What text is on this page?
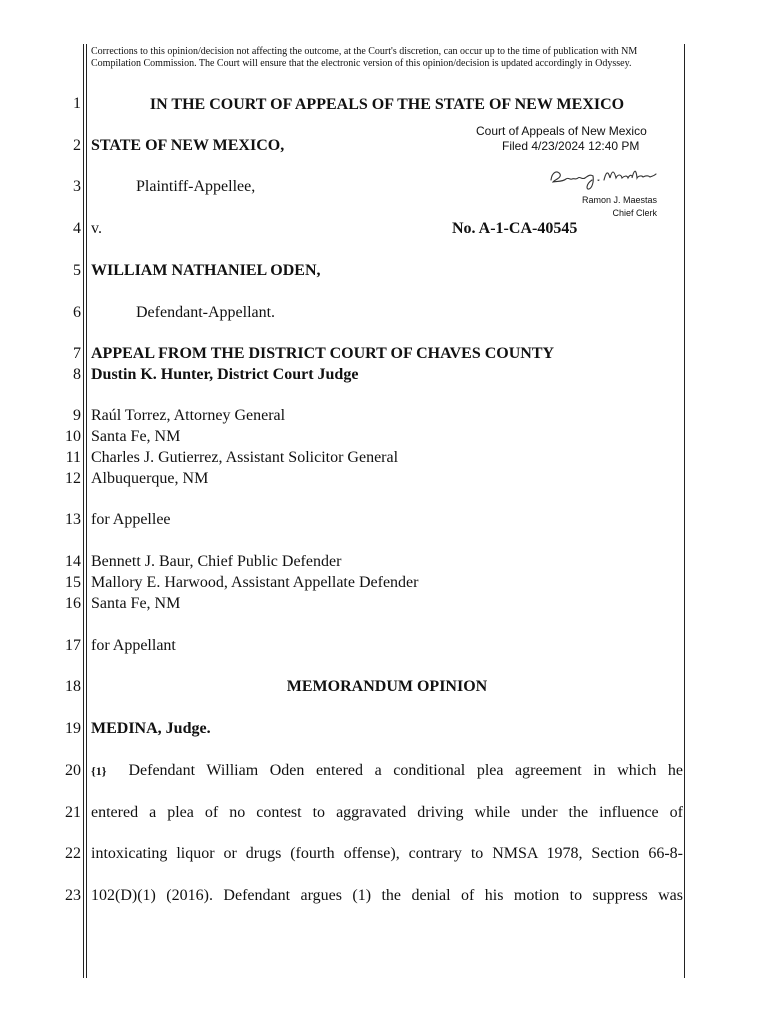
Corrections to this opinion/decision not affecting the outcome, at the Court's discretion, can occur up to the time of publication with NM Compilation Commission. The Court will ensure that the electronic version of this opinion/decision is updated accordingly in Odyssey.
1
2
3
4
5
6
7
8
9
10
11
12
13
14
15
16
17
18
19
20
21
22
23
IN THE COURT OF APPEALS OF THE STATE OF NEW MEXICO
STATE OF NEW MEXICO,
Plaintiff-Appellee,
v.	No. A-1-CA-40545
WILLIAM NATHANIEL ODEN,
Defendant-Appellant.
Court of Appeals of New Mexico
Filed 4/23/2024 12:40 PM
Ramon J. Maestas
Chief Clerk
APPEAL FROM THE DISTRICT COURT OF CHAVES COUNTY
Dustin K. Hunter, District Court Judge
Raúl Torrez, Attorney General
Santa Fe, NM
Charles J. Gutierrez, Assistant Solicitor General
Albuquerque, NM
for Appellee
Bennett J. Baur, Chief Public Defender
Mallory E. Harwood, Assistant Appellate Defender
Santa Fe, NM
for Appellant
MEMORANDUM OPINION
MEDINA, Judge.
{1} Defendant William Oden entered a conditional plea agreement in which he
entered a plea of no contest to aggravated driving while under the influence of
intoxicating liquor or drugs (fourth offense), contrary to NMSA 1978, Section 66-8-
102(D)(1) (2016). Defendant argues (1) the denial of his motion to suppress was
